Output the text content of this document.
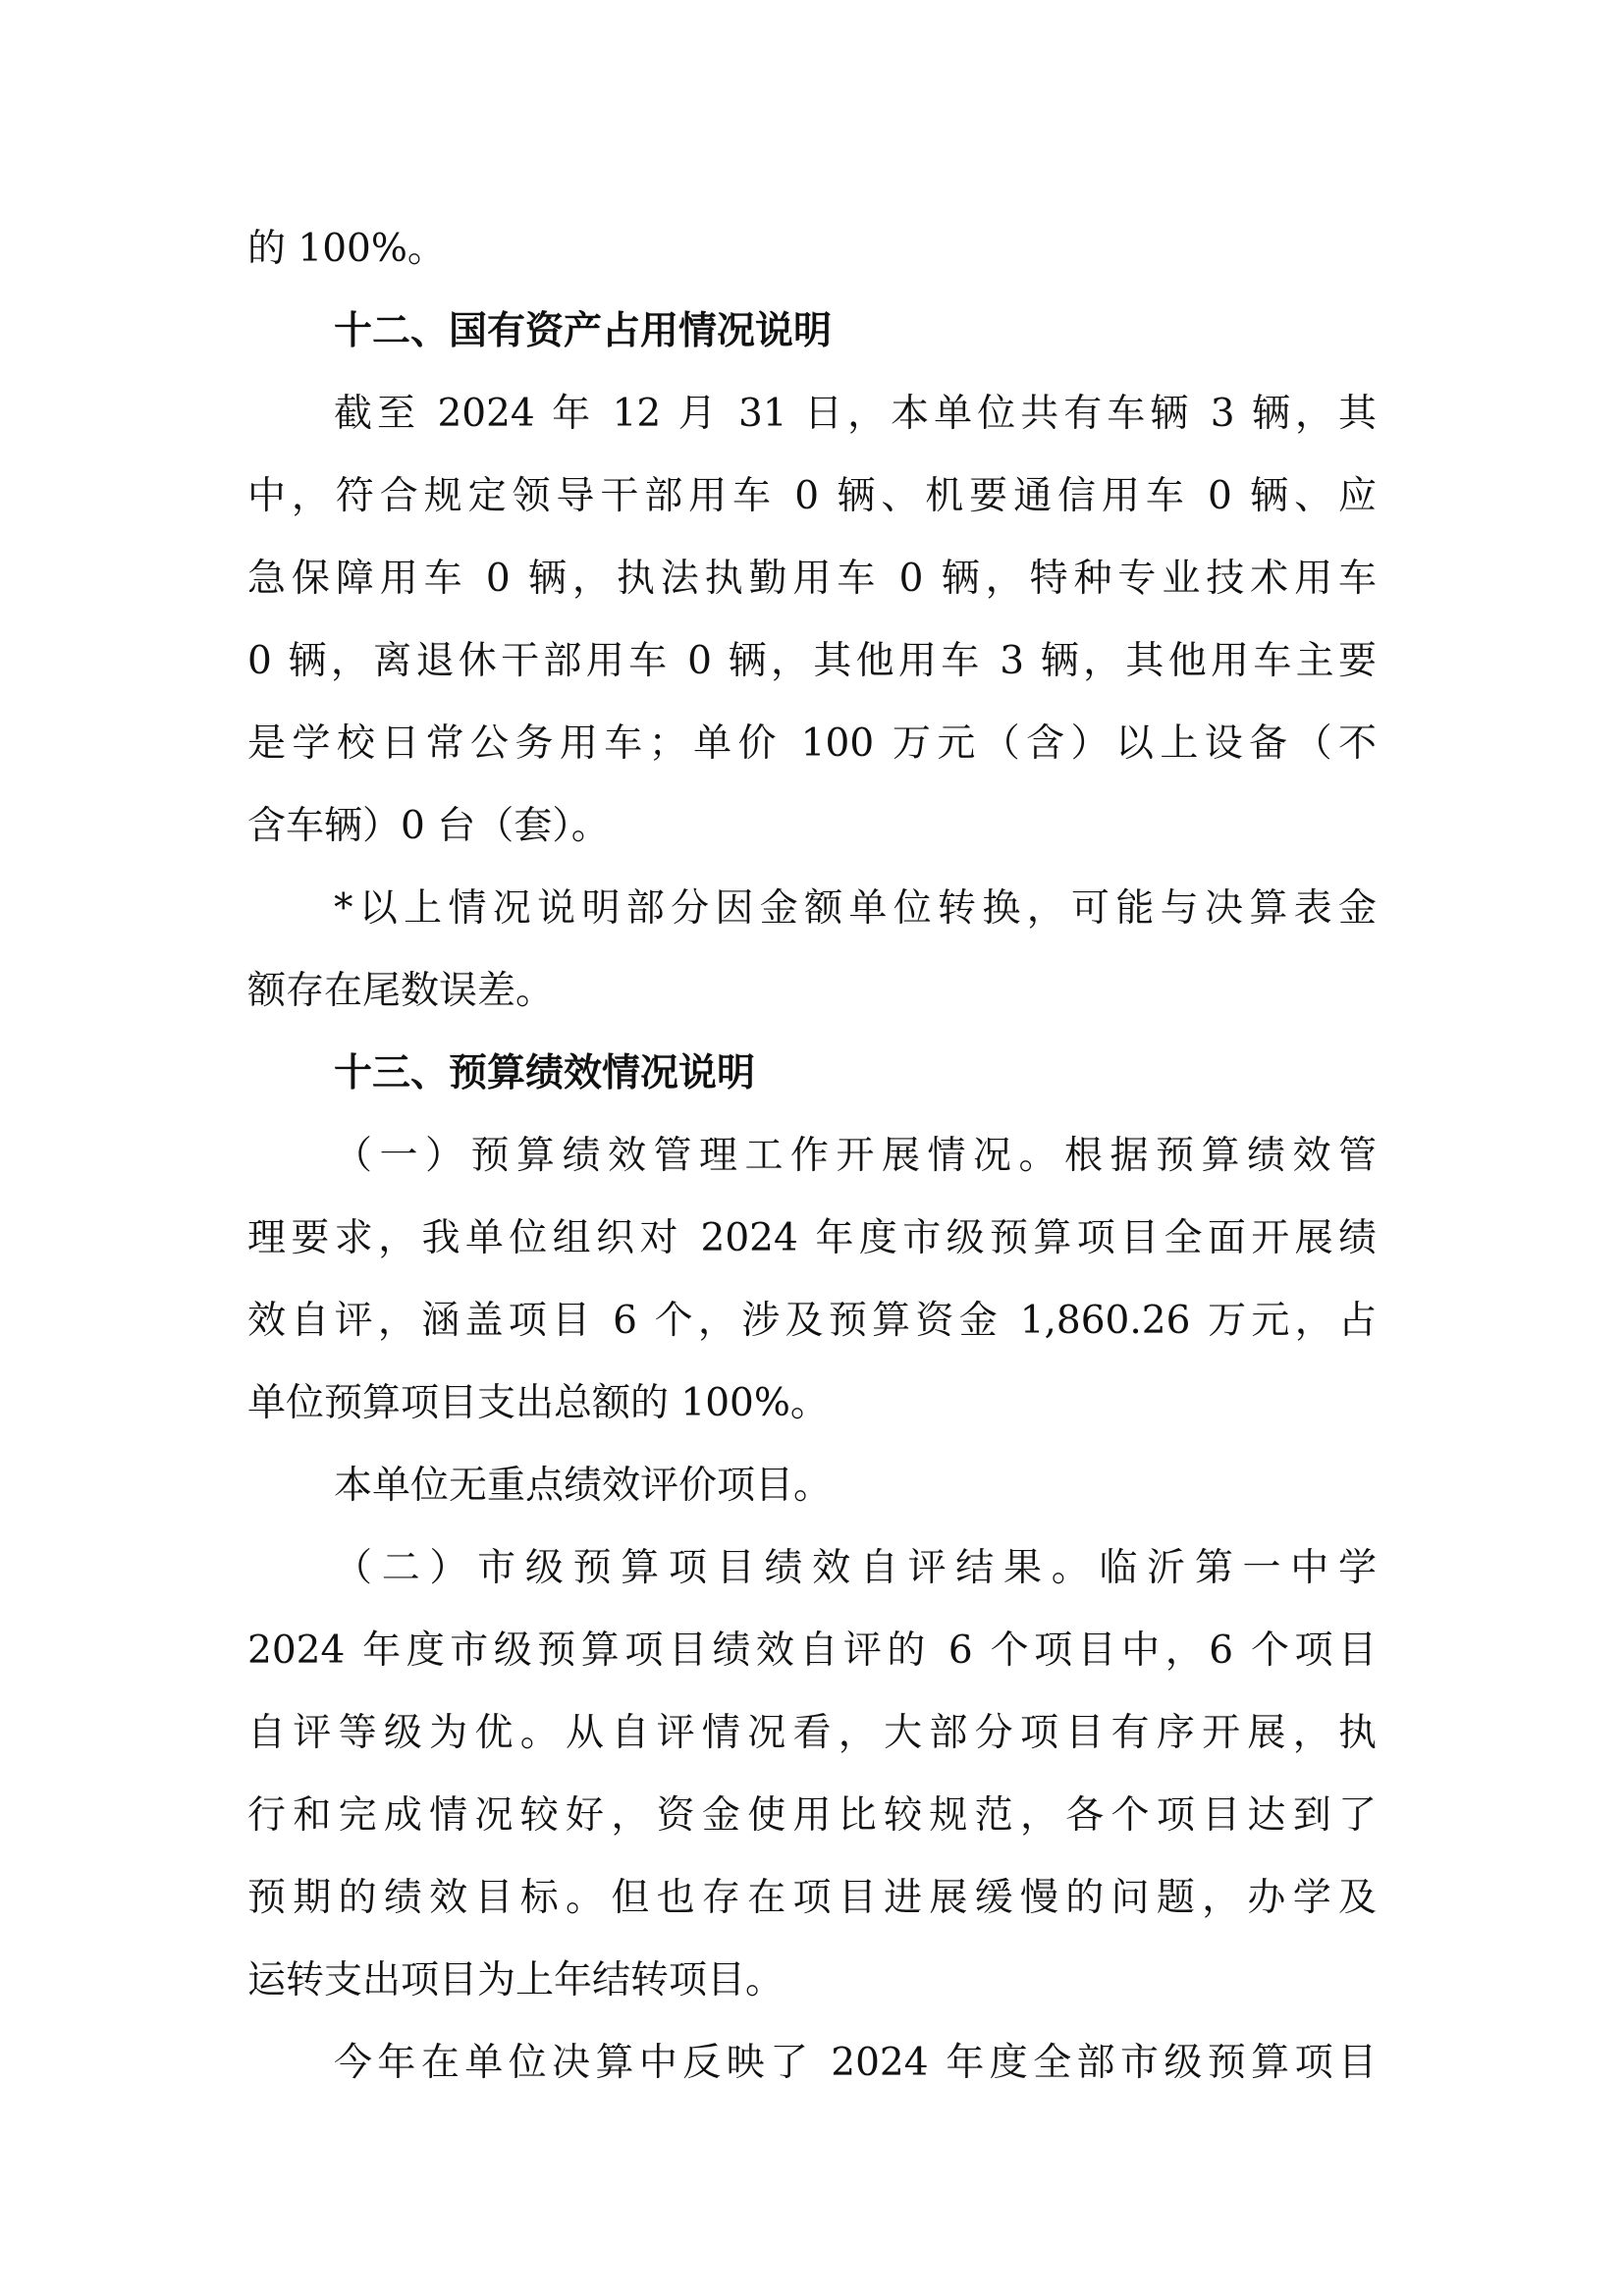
的 100%。
十二、国有资产占用情况说明
截至 2024 年 12 月 31 日，本单位共有车辆 3 辆，其
中，符合规定领导干部用车 0 辆、机要通信用车 0 辆、应
急保障用车 0 辆，执法执勤用车 0 辆，特种专业技术用车
0 辆，离退休干部用车 0 辆，其他用车 3 辆，其他用车主要
是学校日常公务用车；单价 100 万元（含）以上设备（不
含车辆）0 台（套）。
*以上情况说明部分因金额单位转换，可能与决算表金
额存在尾数误差。
十三、预算绩效情况说明
（一）预算绩效管理工作开展情况。根据预算绩效管
理要求，我单位组织对 2024 年度市级预算项目全面开展绩
效自评，涵盖项目 6 个，涉及预算资金 1,860.26 万元，占
单位预算项目支出总额的 100%。
本单位无重点绩效评价项目。
（二）市级预算项目绩效自评结果。临沂第一中学
2024 年度市级预算项目绩效自评的 6 个项目中，6 个项目
自评等级为优。从自评情况看，大部分项目有序开展，执
行和完成情况较好，资金使用比较规范，各个项目达到了
预期的绩效目标。但也存在项目进展缓慢的问题，办学及
运转支出项目为上年结转项目。
今年在单位决算中反映了 2024 年度全部市级预算项目
